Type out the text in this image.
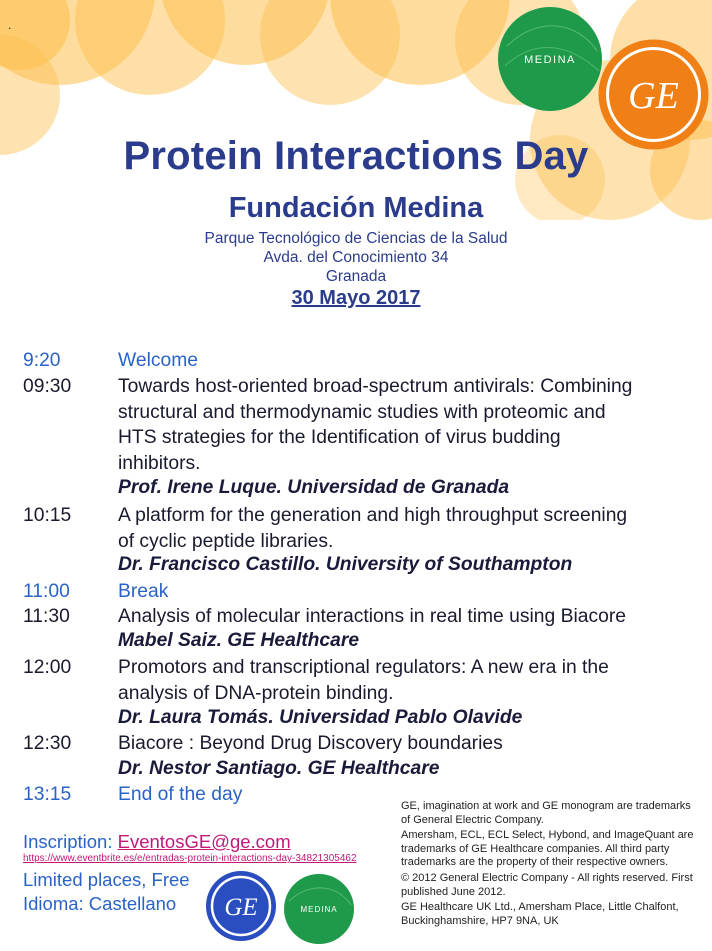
.
MEDINA
GE
Protein Interactions Day
Fundación Medina
Parque Tecnológico de Ciencias de la Salud
Avda. del Conocimiento 34
Granada
30 Mayo 2017
9:20	Welcome
09:30	Towards host-oriented broad-spectrum antivirals: Combining
structural and thermodynamic studies with proteomic and
HTS strategies for the Identification of virus budding
inhibitors.
Prof. Irene Luque. Universidad de Granada
10:15	A platform for the generation and high throughput screening
of cyclic peptide libraries.
Dr. Francisco Castillo. University of Southampton
11:00	Break
11:30	Analysis of molecular interactions in real time using Biacore
Mabel Saiz. GE Healthcare
12:00	Promotors and transcriptional regulators: A new era in the
analysis of DNA-protein binding.
Dr. Laura Tomás. Universidad Pablo Olavide
12:30	Biacore : Beyond Drug Discovery boundaries
Dr. Nestor Santiago. GE Healthcare
13:15	End of the day

GE, imagination at work and GE monogram are trademarks of General Electric Company.

Amersham, ECL, ECL Select, Hybond, and ImageQuant are trademarks of GE Healthcare companies. All third party trademarks are the property of their respective owners.

© 2012 General Electric Company - All rights reserved. First published June 2012.

GE Healthcare UK Ltd., Amersham Place, Little Chalfont, Buckinghamshire, HP7 9NA, UK

Inscription: EventosGE@ge.com
https://www.eventbrite.es/e/entradas-protein-interactions-day-34821305462
Limited places, Free
Idioma: Castellano GE	MEDINA
